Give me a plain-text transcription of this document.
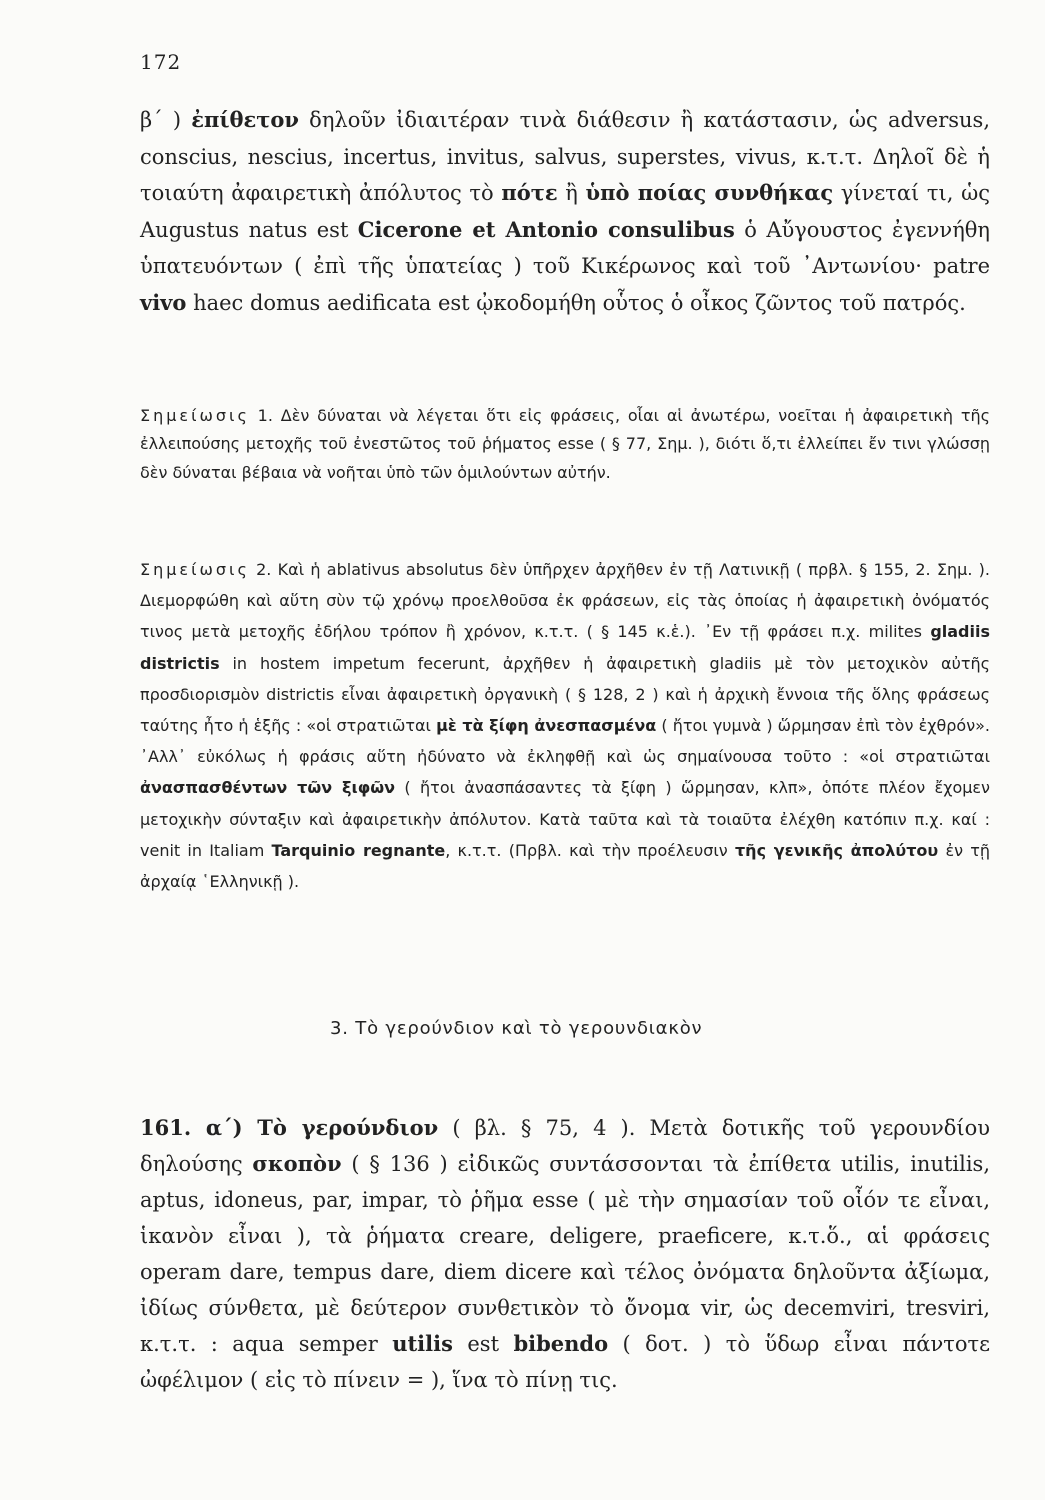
172
β΄ ) ἐπίθετον δηλοῦν ἰδιαιτέραν τινὰ διάθεσιν ἢ κατάστασιν, ὡς adversus, conscius, nescius, incertus, invitus, salvus, superstes, vivus, κ.τ.τ. Δηλοῖ δὲ ἡ τοιαύτη ἀφαιρετικὴ ἀπόλυτος τὸ πότε ἢ ὑπὸ ποίας συνθήκας γίνεταί τι, ὡς Augustus natus est Cicerone et Antonio consulibus ὁ Αὔγουστος ἐγεννήθη ὑπατευόντων ( ἐπὶ τῆς ὑπατείας ) τοῦ Κικέρωνος καὶ τοῦ ᾿Αντωνίου· patre vivo haec domus aedificata est ᾠκοδομήθη οὗτος ὁ οἶκος ζῶντος τοῦ πατρός.
Σημείωσις 1. Δὲν δύναται νὰ λέγεται ὅτι εἰς φράσεις, οἷαι αἱ ἀνωτέρω, νοεῖται ἡ ἀφαιρετικὴ τῆς ἐλλειπούσης μετοχῆς τοῦ ἐνεστῶτος τοῦ ῥήματος esse ( § 77, Σημ. ), διότι ὅ,τι ἐλλείπει ἔν τινι γλώσσῃ δὲν δύναται βέβαια νὰ νοῆται ὑπὸ τῶν ὁμιλούντων αὐτήν.
Σημείωσις 2. Καὶ ἡ ablativus absolutus δὲν ὑπῆρχεν ἀρχῆθεν ἐν τῇ Λατινικῇ ( πρβλ. § 155, 2. Σημ. ). Διεμορφώθη καὶ αὕτη σὺν τῷ χρόνῳ προελθοῦσα ἐκ φράσεων, εἰς τὰς ὁποίας ἡ ἀφαιρετικὴ ὀνόματός τινος μετὰ μετοχῆς ἐδήλου τρόπον ἢ χρόνον, κ.τ.τ. ( § 145 κ.ἑ.). ᾿Εν τῇ φράσει π.χ. milites gladiis districtis in hostem impetum fecerunt, ἀρχῆθεν ἡ ἀφαιρετικὴ gladiis μὲ τὸν μετοχικὸν αὐτῆς προσδιορισμὸν districtis εἶναι ἀφαιρετικὴ ὀργανικὴ ( § 128, 2 ) καὶ ἡ ἀρχικὴ ἔννοια τῆς ὅλης φράσεως ταύτης ἦτο ἡ ἑξῆς : «οἱ στρατιῶται μὲ τὰ ξίφη ἀνεσπασμένα ( ἤτοι γυμνὰ ) ὥρμησαν ἐπὶ τὸν ἐχθρόν». ᾿Αλλ᾿ εὐκόλως ἡ φράσις αὕτη ἠδύνατο νὰ ἐκληφθῇ καὶ ὡς σημαίνουσα τοῦτο : «οἱ στρατιῶται ἀνασπασθέντων τῶν ξιφῶν ( ἤτοι ἀνασπάσαντες τὰ ξίφη ) ὥρμησαν, κλπ», ὁπότε πλέον ἔχομεν μετοχικὴν σύνταξιν καὶ ἀφαιρετικὴν ἀπόλυτον. Κατὰ ταῦτα καὶ τὰ τοιαῦτα ἐλέχθη κατόπιν π.χ. καί : venit in Italiam Tarquinio regnante, κ.τ.τ. (Πρβλ. καὶ τὴν προέλευσιν τῆς γενικῆς ἀπολύτου ἐν τῇ ἀρχαίᾳ ῾Ελληνικῇ ).
3. Τὸ γερούνδιον καὶ τὸ γερουνδιακὸν
161. α΄) Τὸ γερούνδιον ( βλ. § 75, 4 ). Μετὰ δοτικῆς τοῦ γερουνδίου δηλούσης σκοπὸν ( § 136 ) εἰδικῶς συντάσσονται τὰ ἐπίθετα utilis, inutilis, aptus, idoneus, par, impar, τὸ ῥῆμα esse ( μὲ τὴν σημασίαν τοῦ οἷόν τε εἶναι, ἱκανὸν εἶναι ), τὰ ῥήματα creare, deligere, praeficere, κ.τ.ὅ., αἱ φράσεις operam dare, tempus dare, diem dicere καὶ τέλος ὀνόματα δηλοῦντα ἀξίωμα, ἰδίως σύνθετα, μὲ δεύτερον συνθετικὸν τὸ ὄνομα vir, ὡς decemviri, tresviri, κ.τ.τ. : aqua semper utilis est bibendo ( δοτ. ) τὸ ὕδωρ εἶναι πάντοτε ὠφέλιμον ( εἰς τὸ πίνειν = ), ἵνα τὸ πίνῃ τις.
